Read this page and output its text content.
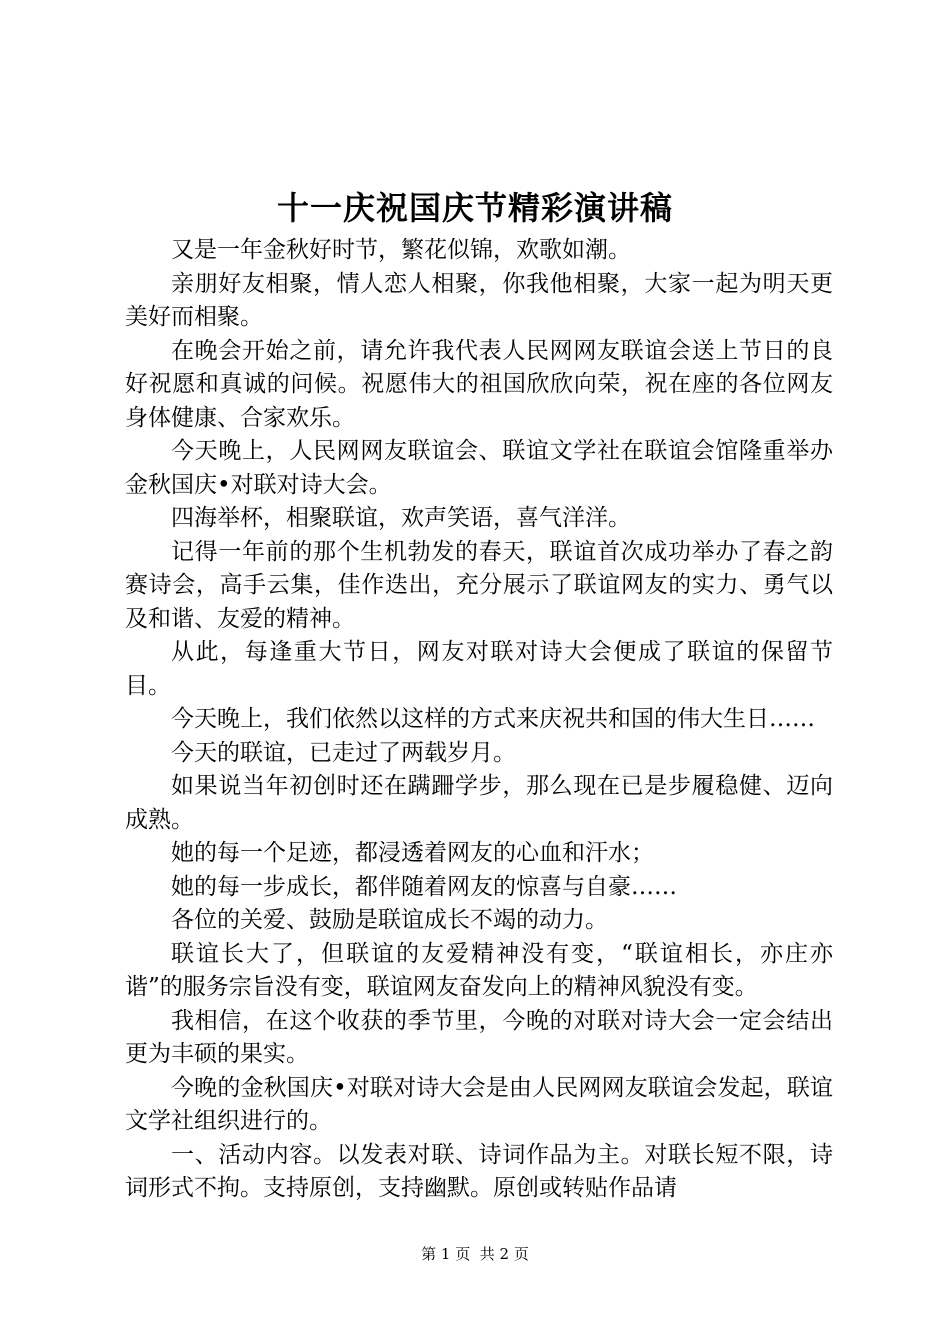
十一庆祝国庆节精彩演讲稿

又是一年金秋好时节，繁花似锦，欢歌如潮。

亲朋好友相聚，情人恋人相聚，你我他相聚，大家一起为明天更美好而相聚。

在晚会开始之前，请允许我代表人民网网友联谊会送上节日的良好祝愿和真诚的问候。祝愿伟大的祖国欣欣向荣，祝在座的各位网友身体健康、合家欢乐。

今天晚上，人民网网友联谊会、联谊文学社在联谊会馆隆重举办金秋国庆•对联对诗大会。

四海举杯，相聚联谊，欢声笑语，喜气洋洋。

记得一年前的那个生机勃发的春天，联谊首次成功举办了春之韵赛诗会，高手云集，佳作迭出，充分展示了联谊网友的实力、勇气以及和谐、友爱的精神。

从此，每逢重大节日，网友对联对诗大会便成了联谊的保留节目。

今天晚上，我们依然以这样的方式来庆祝共和国的伟大生日……

今天的联谊，已走过了两载岁月。

如果说当年初创时还在蹒跚学步，那么现在已是步履稳健、迈向成熟。

她的每一个足迹，都浸透着网友的心血和汗水；

她的每一步成长，都伴随着网友的惊喜与自豪……

各位的关爱、鼓励是联谊成长不竭的动力。

联谊长大了，但联谊的友爱精神没有变，“联谊相长，亦庄亦谐”的服务宗旨没有变，联谊网友奋发向上的精神风貌没有变。

我相信，在这个收获的季节里，今晚的对联对诗大会一定会结出更为丰硕的果实。

今晚的金秋国庆•对联对诗大会是由人民网网友联谊会发起，联谊文学社组织进行的。

一、活动内容。以发表对联、诗词作品为主。对联长短不限，诗词形式不拘。支持原创，支持幽默。原创或转贴作品请

第 1 页  共 2 页
